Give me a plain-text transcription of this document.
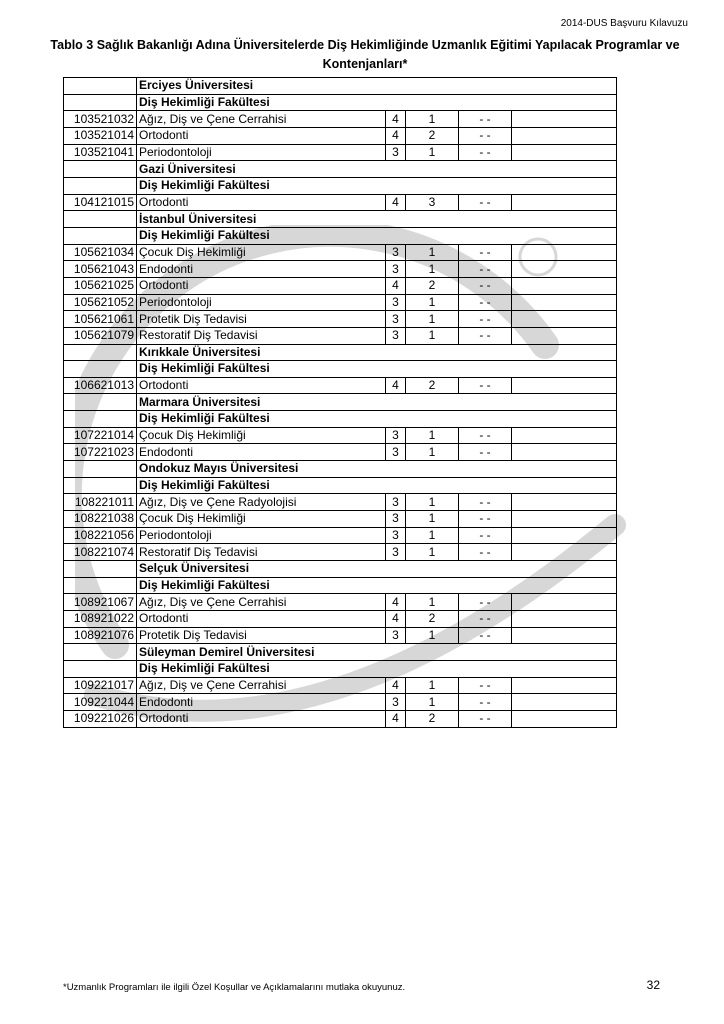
2014-DUS Başvuru Kılavuzu
Tablo 3 Sağlık Bakanlığı Adına Üniversitelerde Diş Hekimliğinde Uzmanlık Eğitimi Yapılacak Programlar ve
Kontenjanları*
	Erciyes Üniversitesi				
	Diş Hekimliği Fakültesi				
103521032	Ağız, Diş ve Çene Cerrahisi	4	1	- -	
103521014	Ortodonti	4	2	- -	
103521041	Periodontoloji	3	1	- -	
	Gazi Üniversitesi				
	Diş Hekimliği Fakültesi				
104121015	Ortodonti	4	3	- -	
	İstanbul Üniversitesi				
	Diş Hekimliği Fakültesi				
105621034	Çocuk Diş Hekimliği	3	1	- -	
105621043	Endodonti	3	1	- -	
105621025	Ortodonti	4	2	- -	
105621052	Periodontoloji	3	1	- -	
105621061	Protetik Diş Tedavisi	3	1	- -	
105621079	Restoratif Diş Tedavisi	3	1	- -	
	Kırıkkale Üniversitesi				
	Diş Hekimliği Fakültesi				
106621013	Ortodonti	4	2	- -	
	Marmara Üniversitesi				
	Diş Hekimliği Fakültesi				
107221014	Çocuk Diş Hekimliği	3	1	- -	
107221023	Endodonti	3	1	- -	
	Ondokuz Mayıs Üniversitesi				
	Diş Hekimliği Fakültesi				
108221011	Ağız, Diş ve Çene Radyolojisi	3	1	- -	
108221038	Çocuk Diş Hekimliği	3	1	- -	
108221056	Periodontoloji	3	1	- -	
108221074	Restoratif Diş Tedavisi	3	1	- -	
	Selçuk Üniversitesi				
	Diş Hekimliği Fakültesi				
108921067	Ağız, Diş ve Çene Cerrahisi	4	1	- -	
108921022	Ortodonti	4	2	- -	
108921076	Protetik Diş Tedavisi	3	1	- -	
	Süleyman Demirel Üniversitesi				
	Diş Hekimliği Fakültesi				
109221017	Ağız, Diş ve Çene Cerrahisi	4	1	- -	
109221044	Endodonti	3	1	- -	
109221026	Ortodonti	4	2	- -	
*Uzmanlık Programları ile ilgili Özel Koşullar ve Açıklamalarını mutlaka okuyunuz.	32
